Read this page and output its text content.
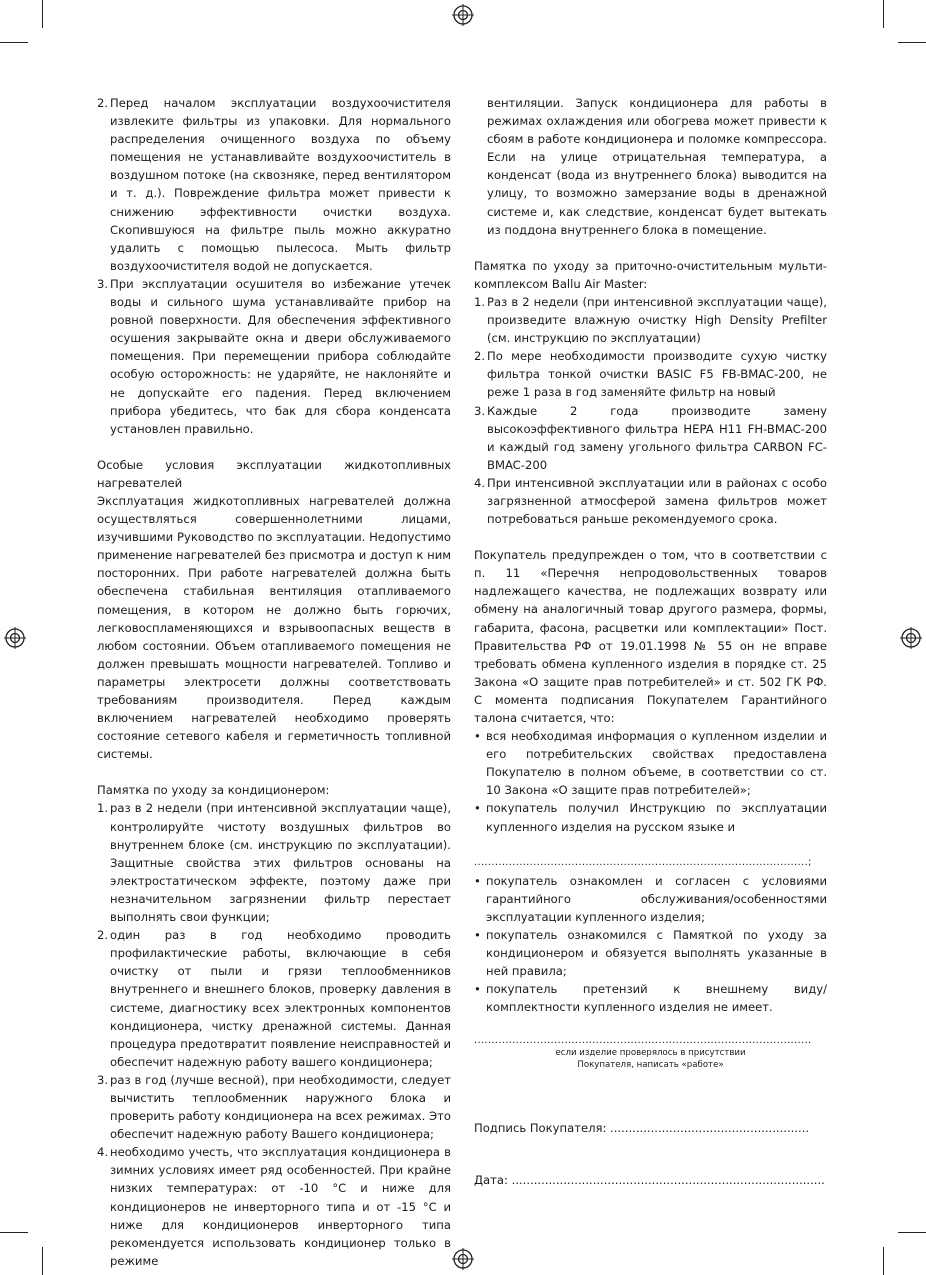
2. Перед началом эксплуатации воздухоочистителя извлеките фильтры из упаковки. Для нормального распределения очищенного воздуха по объему помещения не устанавливайте воздухоочиститель в воздушном потоке (на сквозняке, перед вентилятором и т. д.). Повреждение фильтра может привести к снижению эффективности очистки воздуха. Скопившуюся на фильтре пыль можно аккуратно удалить с помощью пылесоса. Мыть фильтр воздухоочистителя водой не допускается.
3. При эксплуатации осушителя во избежание утечек воды и сильного шума устанавливайте прибор на ровной поверхности. Для обеспечения эффективного осушения закрывайте окна и двери обслуживаемого помещения. При перемещении прибора соблюдайте особую осторожность: не ударяйте, не наклоняйте и не допускайте его падения. Перед включением прибора убедитесь, что бак для сбора конденсата установлен правильно.

Особые условия эксплуатации жидкотопливных нагревателей

Эксплуатация жидкотопливных нагревателей должна осуществляться совершеннолетними лицами, изучившими Руководство по эксплуатации. Недопустимо применение нагревателей без присмотра и доступ к ним посторонних. При работе нагревателей должна быть обеспечена стабильная вентиляция отапливаемого помещения, в котором не должно быть горючих, легковоспламеняющихся и взрывоопасных веществ в любом состоянии. Объем отапливаемого помещения не должен превышать мощности нагревателей. Топливо и параметры электросети должны соответствовать требованиям производителя. Перед каждым включением нагревателей необходимо проверять состояние сетевого кабеля и герметичность топливной системы.

Памятка по уходу за кондиционером:

1. раз в 2 недели (при интенсивной эксплуатации чаще), контролируйте чистоту воздушных фильтров во внутреннем блоке (см. инструкцию по эксплуатации). Защитные свойства этих фильтров основаны на электростатическом эффекте, поэтому даже при незначительном загрязнении фильтр перестает выполнять свои функции;
2. один раз в год необходимо проводить профилактические работы, включающие в себя очистку от пыли и грязи теплообменников внутреннего и внешнего блоков, проверку давления в системе, диагностику всех электронных компонентов кондиционера, чистку дренажной системы. Данная процедура предотвратит появление неисправностей и обеспечит надежную работу вашего кондиционера;
3. раз в год (лучше весной), при необходимости, следует вычистить теплообменник наружного блока и проверить работу кондиционера на всех режимах. Это обеспечит надежную работу Вашего кондиционера;
4. необходимо учесть, что эксплуатация кондиционера в зимних условиях имеет ряд особенностей. При крайне низких температурах: от -10 °С и ниже для кондиционеров не инверторного типа и от -15 °С и ниже для кондиционеров инверторного типа рекомендуется использовать кондиционер только в режиме

вентиляции. Запуск кондиционера для работы в режимах охлаждения или обогрева может привести к сбоям в работе кондиционера и поломке компрессора. Если на улице отрицательная температура, а конденсат (вода из внутреннего блока) выводится на улицу, то возможно замерзание воды в дренажной системе и, как следствие, конденсат будет вытекать из поддона внутреннего блока в помещение.

Памятка по уходу за приточно-очистительным мульти-комплексом Ballu Air Master:

1. Раз в 2 недели (при интенсивной эксплуатации чаще), произведите влажную очистку High Density Prefilter (см. инструкцию по эксплуатации)
2. По мере необходимости производите сухую чистку фильтра тонкой очистки BASIC F5 FB-BMAC-200, не реже 1 раза в год заменяйте фильтр на новый
3. Каждые 2 года производите замену высокоэффективного фильтра HEPA H11 FH-BMAC-200 и каждый год замену угольного фильтра CARBON FC-BMAC-200
4. При интенсивной эксплуатации или в районах с особо загрязненной атмосферой замена фильтров может потребоваться раньше рекомендуемого срока.

Покупатель предупрежден о том, что в соответствии с п. 11 «Перечня непродовольственных товаров надлежащего качества, не подлежащих возврату или обмену на аналогичный товар другого размера, формы, габарита, фасона, расцветки или комплектации» Пост. Правительства РФ от 19.01.1998 № 55 он не вправе требовать обмена купленного изделия в порядке ст. 25 Закона «О защите прав потребителей» и ст. 502 ГК РФ. С момента подписания Покупателем Гарантийного талона считается, что:

• вся необходимая информация о купленном изделии и его потребительских свойствах предоставлена Покупателю в полном объеме, в соответствии со ст. 10 Закона «О защите прав потребителей»;
• покупатель получил Инструкцию по эксплуатации купленного изделия на русском языке и

................................................................................................;

• покупатель ознакомлен и согласен с условиями гарантийного обслуживания/особенностями эксплуатации купленного изделия;
• покупатель ознакомился с Памяткой по уходу за кондиционером и обязуется выполнять указанные в ней правила;
• покупатель претензий к внешнему виду/комплектности купленного изделия не имеет.

.................................................................................................

если изделие проверялось в присутствии

Покупателя, написать «работе»

Подпись Покупателя: ......................................................

Дата: .....................................................................................
